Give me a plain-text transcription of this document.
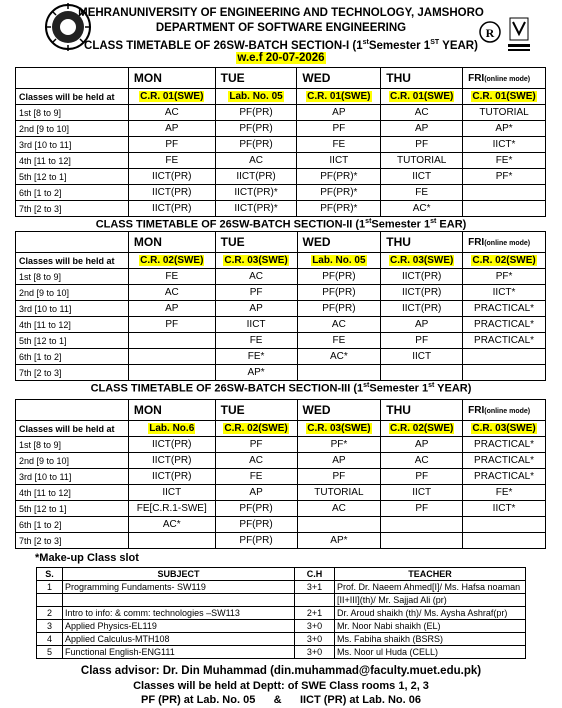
R
MEHRANUNIVERSITY OF ENGINEERING AND TECHNOLOGY, JAMSHORO
DEPARTMENT OF SOFTWARE ENGINEERING
CLASS TIMETABLE OF 26SW-BATCH SECTION-I (1stSemester 1ST YEAR)
w.e.f 20-07-2026
	MON	TUE	WED	THU	FRI(online mode)
Classes will be held at	C.R. 01(SWE)	Lab. No. 05	C.R. 01(SWE)	C.R. 01(SWE)	C.R. 01(SWE)
1st [8 to 9]	AC	PF(PR)	AP	AC	TUTORIAL
2nd [9 to 10]	AP	PF(PR)	PF	AP	AP*
3rd [10 to 11]	PF	PF(PR)	FE	PF	IICT*
4th [11 to 12]	FE	AC	IICT	TUTORIAL	FE*
5th [12 to 1]	IICT(PR)	IICT(PR)	PF(PR)*	IICT	PF*
6th [1 to 2]	IICT(PR)	IICT(PR)*	PF(PR)*	FE	
7th [2 to 3]	IICT(PR)	IICT(PR)*	PF(PR)*	AC*	
CLASS TIMETABLE OF 26SW-BATCH SECTION-II (1stSemester 1st EAR)
	MON	TUE	WED	THU	FRI(online mode)
Classes will be held at	C.R. 02(SWE)	C.R. 03(SWE)	Lab. No. 05	C.R. 03(SWE)	C.R. 02(SWE)
1st [8 to 9]	FE	AC	PF(PR)	IICT(PR)	PF*
2nd [9 to 10]	AC	PF	PF(PR)	IICT(PR)	IICT*
3rd [10 to 11]	AP	AP	PF(PR)	IICT(PR)	PRACTICAL*
4th [11 to 12]	PF	IICT	AC	AP	PRACTICAL*
5th [12 to 1]		FE	FE	PF	PRACTICAL*
6th [1 to 2]		FE*	AC*	IICT	
7th [2 to 3]		AP*			
CLASS TIMETABLE OF 26SW-BATCH SECTION-III (1stSemester 1st YEAR)
	MON	TUE	WED	THU	FRI(online mode)
Classes will be held at	Lab. No.6	C.R. 02(SWE)	C.R. 03(SWE)	C.R. 02(SWE)	C.R. 03(SWE)
1st [8 to 9]	IICT(PR)	PF	PF*	AP	PRACTICAL*
2nd [9 to 10]	IICT(PR)	AC	AP	AC	PRACTICAL*
3rd [10 to 11]	IICT(PR)	FE	PF	PF	PRACTICAL*
4th [11 to 12]	IICT	AP	TUTORIAL	IICT	FE*
5th [12 to 1]	FE[C.R.1-SWE]	PF(PR)	AC	PF	IICT*
6th [1 to 2]	AC*	PF(PR)			
7th [2 to 3]		PF(PR)	AP*		
*Make-up Class slot
S.	SUBJECT	C.H	TEACHER
1	Programming Fundaments- SW119	3+1	Prof. Dr. Naeem Ahmed[I]/ Ms. Hafsa noaman
			[II+III](th)/ Mr. Sajjad Ali (pr)
2	Intro to info: & comm: technologies –SW113	2+1	Dr. Aroud shaikh (th)/ Ms. Aysha Ashraf(pr)
3	Applied Physics-EL119	3+0	Mr. Noor Nabi shaikh (EL)
4	Applied Calculus-MTH108	3+0	Ms. Fabiha shaikh (BSRS)
5	Functional English-ENG111	3+0	Ms. Noor ul Huda (CELL)
Class advisor: Dr. Din Muhammad (din.muhammad@faculty.muet.edu.pk)
Classes will be held at Deptt: of SWE Class rooms 1, 2, 3
PF (PR) at Lab. No. 05      &      IICT (PR) at Lab. No. 06
